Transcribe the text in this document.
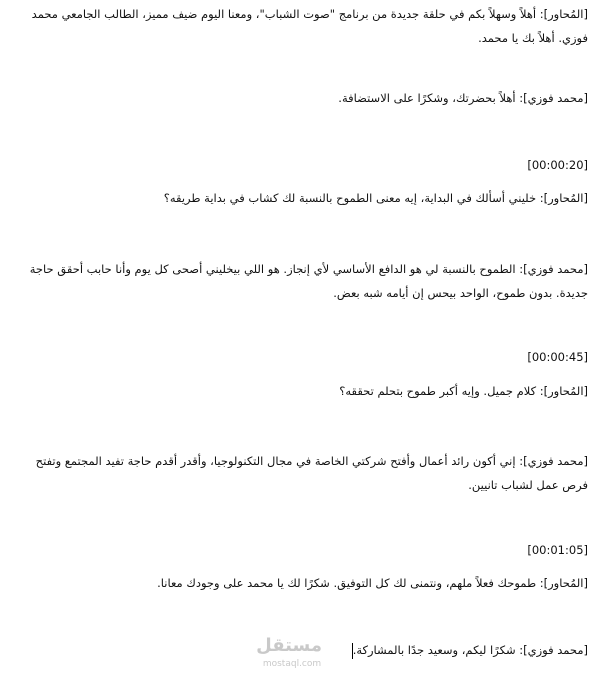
[المُحاور]: أهلاً وسهلاً بكم في حلقة جديدة من برنامج "صوت الشباب"، ومعنا اليوم ضيف مميز، الطالب الجامعي محمد فوزي. أهلاً بك يا محمد.

[محمد فوزي]: أهلاً بحضرتك، وشكرًا على الاستضافة.

[00:00:20]

[المُحاور]: خليني أسألك في البداية، إيه معنى الطموح بالنسبة لك كشاب في بداية طريقه؟

[محمد فوزي]: الطموح بالنسبة لي هو الدافع الأساسي لأي إنجاز. هو اللي بيخليني أصحى كل يوم وأنا حابب أحقق حاجة جديدة. بدون طموح، الواحد بيحس إن أيامه شبه بعض.

[00:00:45]

[المُحاور]: كلام جميل. وإيه أكبر طموح بتحلم تحققه؟

[محمد فوزي]: إني أكون رائد أعمال وأفتح شركتي الخاصة في مجال التكنولوجيا، وأقدر أقدم حاجة تفيد المجتمع وتفتح فرص عمل لشباب تانيين.

[00:01:05]

[المُحاور]: طموحك فعلاً ملهم، ونتمنى لك كل التوفيق. شكرًا لك يا محمد على وجودك معانا.

[محمد فوزي]: شكرًا ليكم، وسعيد جدًا بالمشاركة.

مستقل
mostaql.com
